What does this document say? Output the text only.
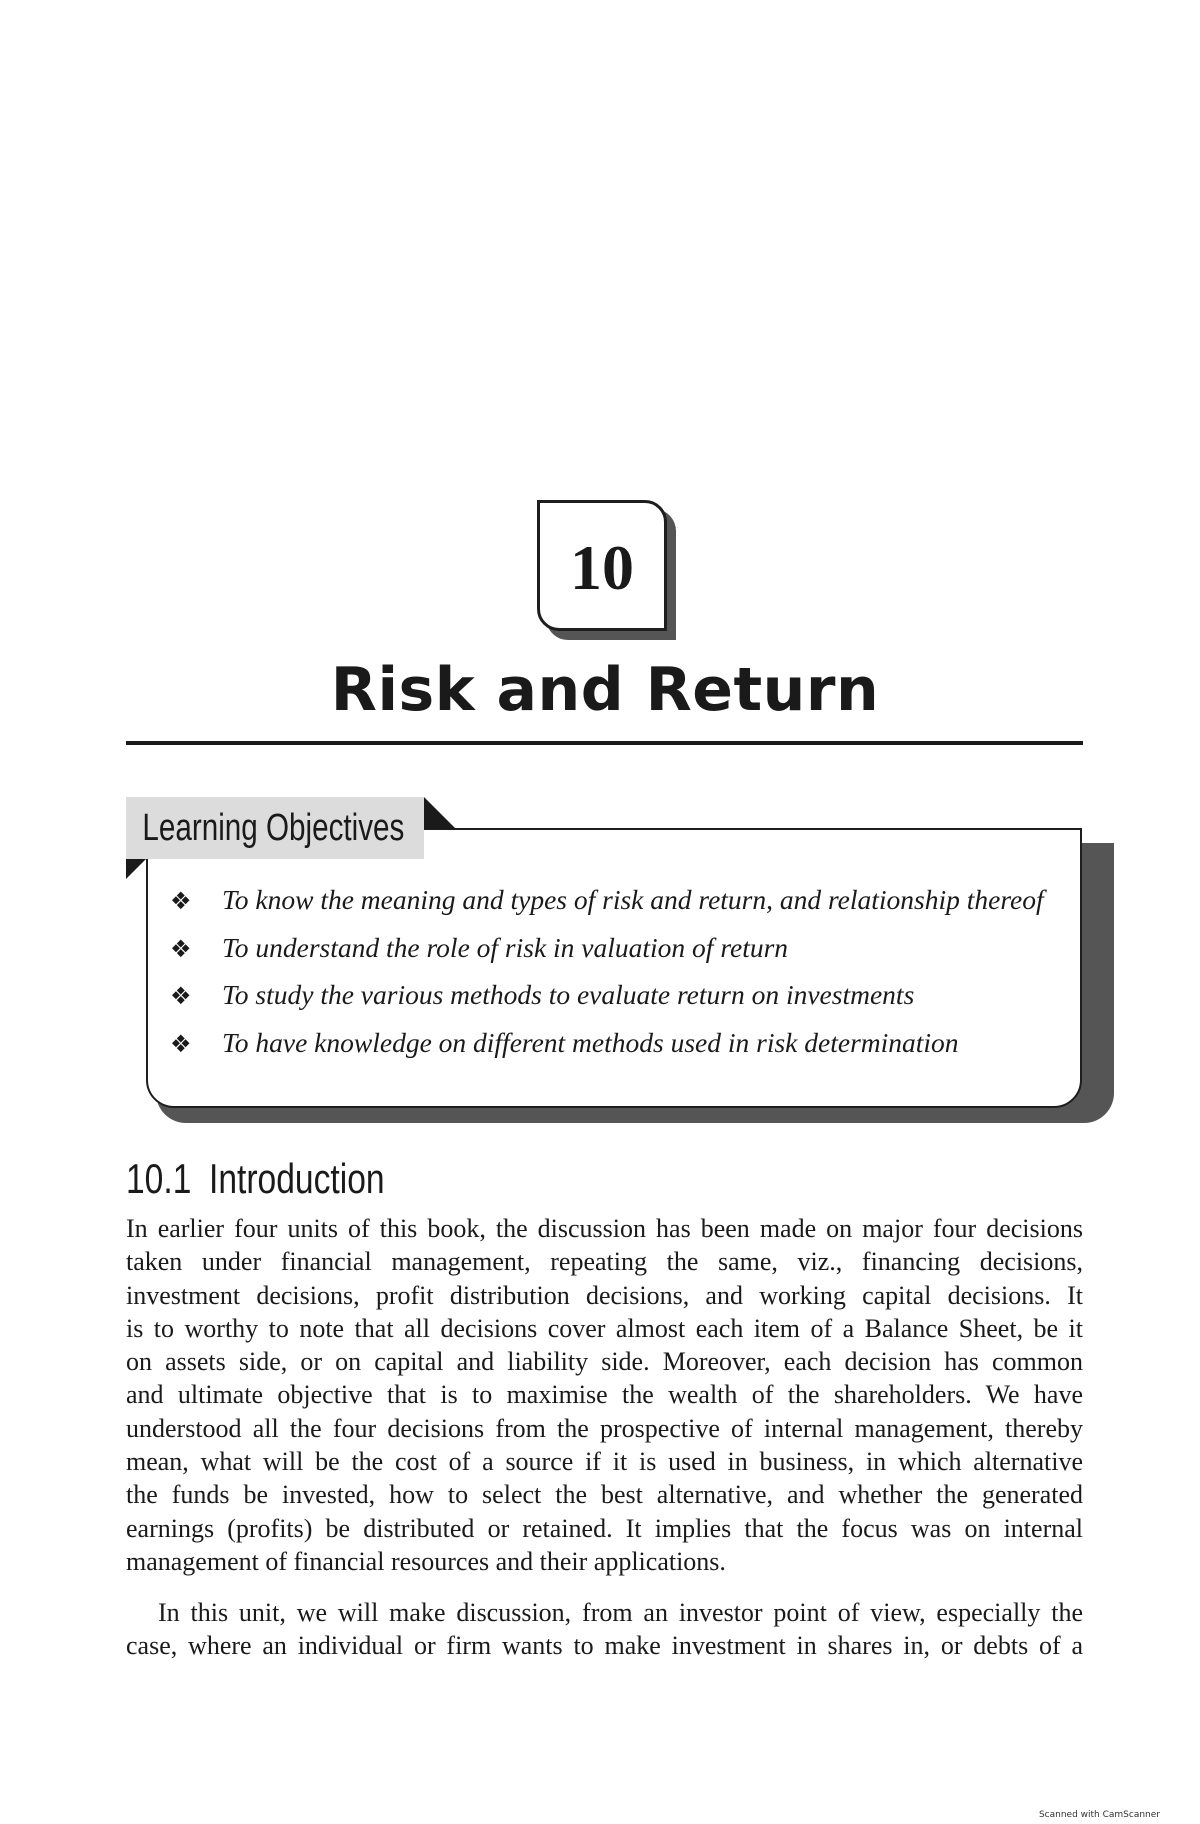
10
Risk and Return
Learning Objectives
❖	To know the meaning and types of risk and return, and relationship thereof
❖	To understand the role of risk in valuation of return
❖	To study the various methods to evaluate return on investments
❖	To have knowledge on different methods used in risk determination
10.1 Introduction
In earlier four units of this book, the discussion has been made on major four decisions
taken under financial management, repeating the same, viz., financing decisions,
investment decisions, profit distribution decisions, and working capital decisions. It
is to worthy to note that all decisions cover almost each item of a Balance Sheet, be it
on assets side, or on capital and liability side. Moreover, each decision has common
and ultimate objective that is to maximise the wealth of the shareholders. We have
understood all the four decisions from the prospective of internal management, thereby
mean, what will be the cost of a source if it is used in business, in which alternative
the funds be invested, how to select the best alternative, and whether the generated
earnings (profits) be distributed or retained. It implies that the focus was on internal
management of financial resources and their applications.
In this unit, we will make discussion, from an investor point of view, especially the
case, where an individual or firm wants to make investment in shares in, or debts of a
Scanned with CamScanner
